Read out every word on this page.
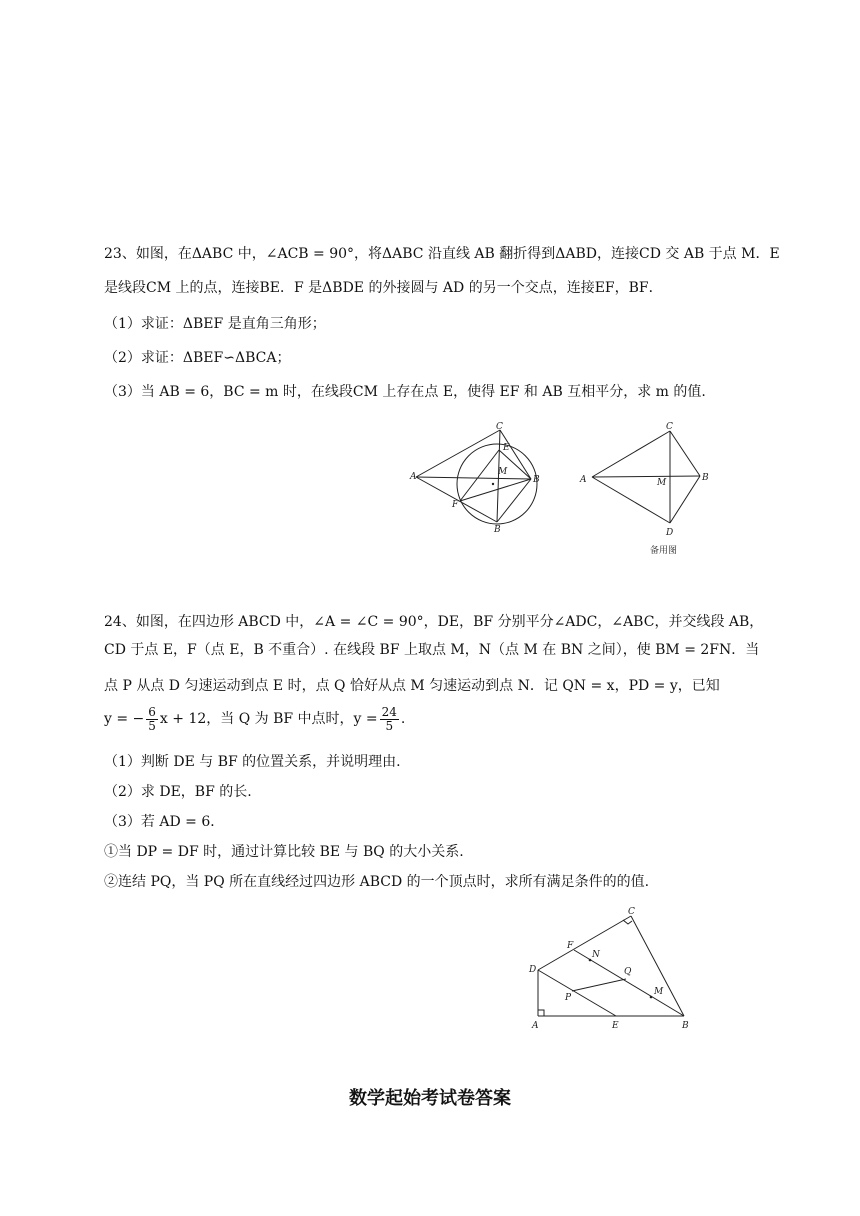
23、如图，在ΔABC 中，∠ACB = 90°，将ΔABC 沿直线 AB 翻折得到ΔABD，连接CD 交 AB 于点 M．E
是线段CM 上的点，连接BE．F 是ΔBDE 的外接圆与 AD 的另一个交点，连接EF，BF．
（1）求证：ΔBEF 是直角三角形；
（2）求证：ΔBEF∽ΔBCA；
（3）当 AB = 6，BC = m 时，在线段CM 上存在点 E，使得 EF 和 AB 互相平分，求 m 的值.
C
A
E
M
B
F
B
C
A	M	B
D
备用图
24、如图，在四边形 ABCD 中，∠A = ∠C = 90°，DE，BF 分别平分∠ADC，∠ABC，并交线段 AB，
CD 于点 E，F（点 E，B 不重合）. 在线段 BF 上取点 M，N（点 M 在 BN 之间），使 BM = 2FN．当
点 P 从点 D 匀速运动到点 E 时，点 Q 恰好从点 M 匀速运动到点 N．记 QN = x，PD = y，已知
y = − $\frac{6}{5}$ x + 12，当 Q 为 BF 中点时，$y = \frac{24}{5}$ .
（1）判断 DE 与 BF 的位置关系，并说明理由.
（2）求 DE，BF 的长.
（3）若 AD = 6．
①当 DP = DF 时，通过计算比较 BE 与 BQ 的大小关系.
②连结 PQ，当 PQ 所在直线经过四边形 ABCD 的一个顶点时，求所有满足条件的的值.
C
F
N
D	Q
M
P
A	E	B
数学起始考试卷答案
